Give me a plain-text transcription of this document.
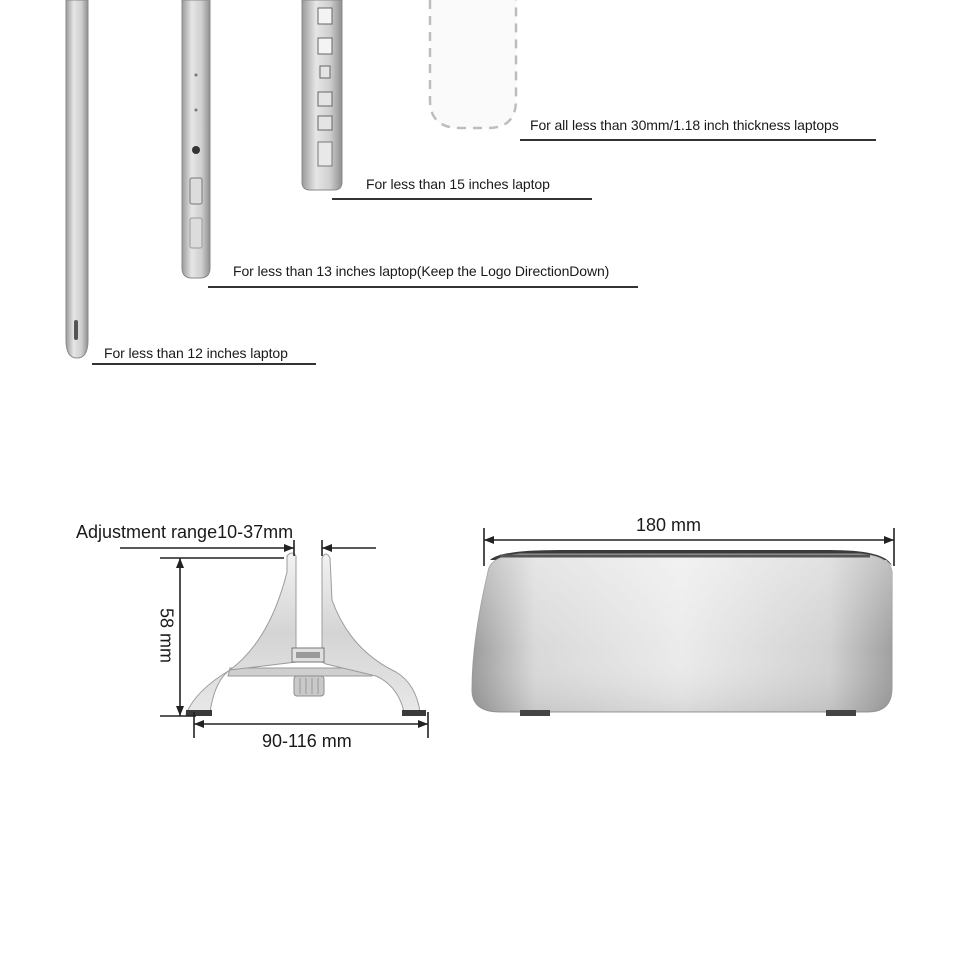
For all less than 30mm/1.18 inch thickness laptops
For less than 15 inches laptop
For less than 13 inches laptop(Keep the Logo DirectionDown)
For less than 12 inches laptop
Adjustment range10-37mm
58 mm
90-116 mm
180 mm
